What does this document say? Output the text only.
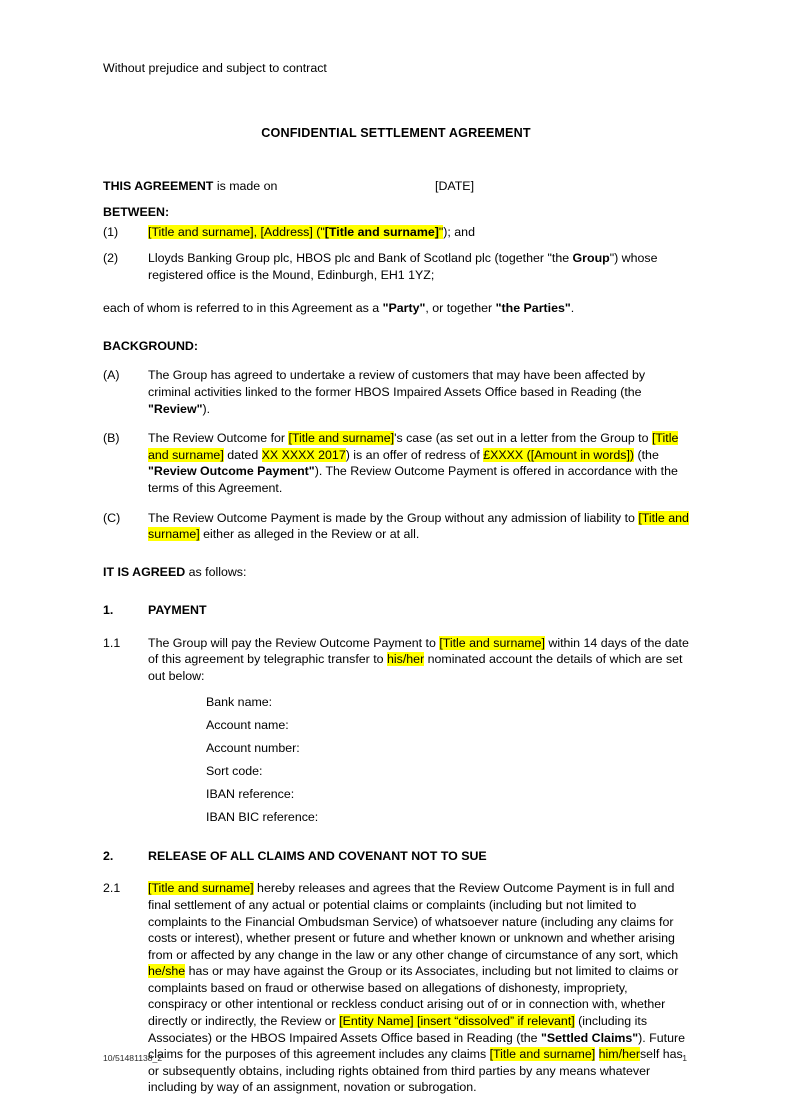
Without prejudice and subject to contract
CONFIDENTIAL SETTLEMENT AGREEMENT
THIS AGREEMENT is made on	[DATE]
BETWEEN:
(1)	[Title and surname], [Address] ("[Title and surname]"); and
(2)	Lloyds Banking Group plc, HBOS plc and Bank of Scotland plc (together "the Group") whose registered office is the Mound, Edinburgh, EH1 1YZ;
each of whom is referred to in this Agreement as a "Party", or together "the Parties".
BACKGROUND:
(A)	The Group has agreed to undertake a review of customers that may have been affected by criminal activities linked to the former HBOS Impaired Assets Office based in Reading (the "Review").
(B)	The Review Outcome for [Title and surname]'s case (as set out in a letter from the Group to [Title and surname] dated XX XXXX 2017) is an offer of redress of £XXXX ([Amount in words]) (the "Review Outcome Payment"). The Review Outcome Payment is offered in accordance with the terms of this Agreement.
(C)	The Review Outcome Payment is made by the Group without any admission of liability to [Title and surname] either as alleged in the Review or at all.
IT IS AGREED as follows:
1.	PAYMENT
1.1	The Group will pay the Review Outcome Payment to [Title and surname] within 14 days of the date of this agreement by telegraphic transfer to his/her nominated account the details of which are set out below:
Bank name:
Account name:
Account number:
Sort code:
IBAN reference:
IBAN BIC reference:
2.	RELEASE OF ALL CLAIMS AND COVENANT NOT TO SUE
2.1	[Title and surname] hereby releases and agrees that the Review Outcome Payment is in full and final settlement of any actual or potential claims or complaints (including but not limited to complaints to the Financial Ombudsman Service) of whatsoever nature (including any claims for costs or interest), whether present or future and whether known or unknown and whether arising from or affected by any change in the law or any other change of circumstance of any sort, which he/she has or may have against the Group or its Associates, including but not limited to claims or complaints based on fraud or otherwise based on allegations of dishonesty, impropriety, conspiracy or other intentional or reckless conduct arising out of or in connection with, whether directly or indirectly, the Review or [Entity Name] [insert “dissolved” if relevant] (including its Associates) or the HBOS Impaired Assets Office based in Reading (the "Settled Claims"). Future claims for the purposes of this agreement includes any claims [Title and surname] him/herself has or subsequently obtains, including rights obtained from third parties by any means whatever including by way of an assignment, novation or subrogation.
10/51481138_2	1
